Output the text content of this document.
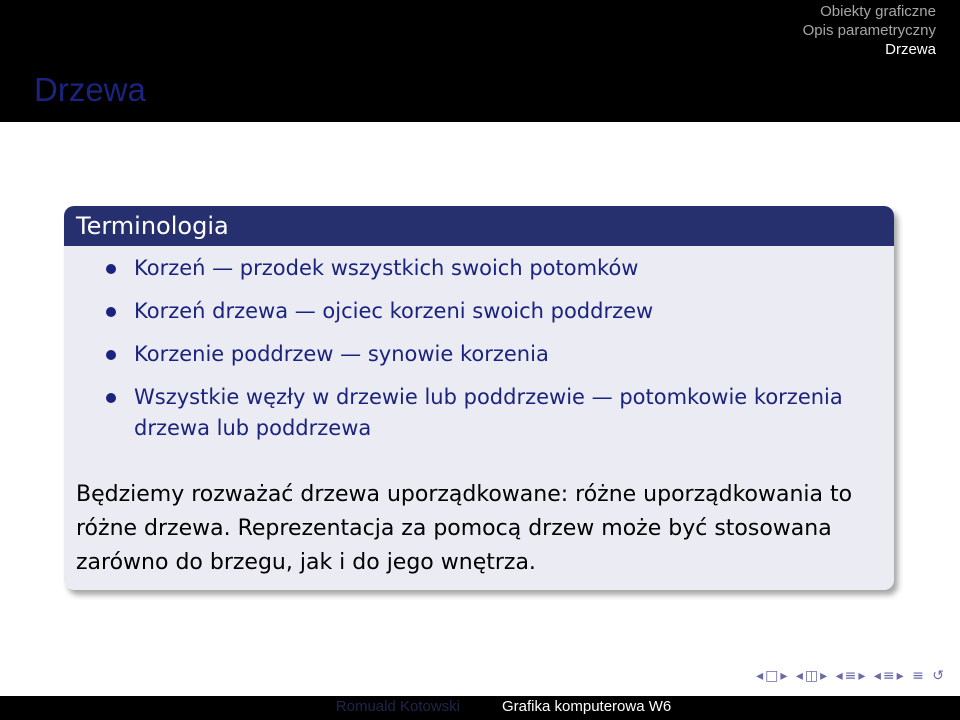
Obiekty graficzne
Opis parametryczny
Drzewa
Drzewa
Terminologia
Korzeń — przodek wszystkich swoich potomków
Korzeń drzewa — ojciec korzeni swoich poddrzew
Korzenie poddrzew — synowie korzenia
Wszystkie węzły w drzewie lub poddrzewie — potomkowie korzenia drzewa lub poddrzewa
Będziemy rozważać drzewa uporządkowane: różne uporządkowania to różne drzewa. Reprezentacja za pomocą drzew może być stosowana zarówno do brzegu, jak i do jego wnętrza.
◂□▸ ◂◫▸ ◂≡▸ ◂≡▸ ≡ ↺
Romuald Kotowski	Grafika komputerowa W6
